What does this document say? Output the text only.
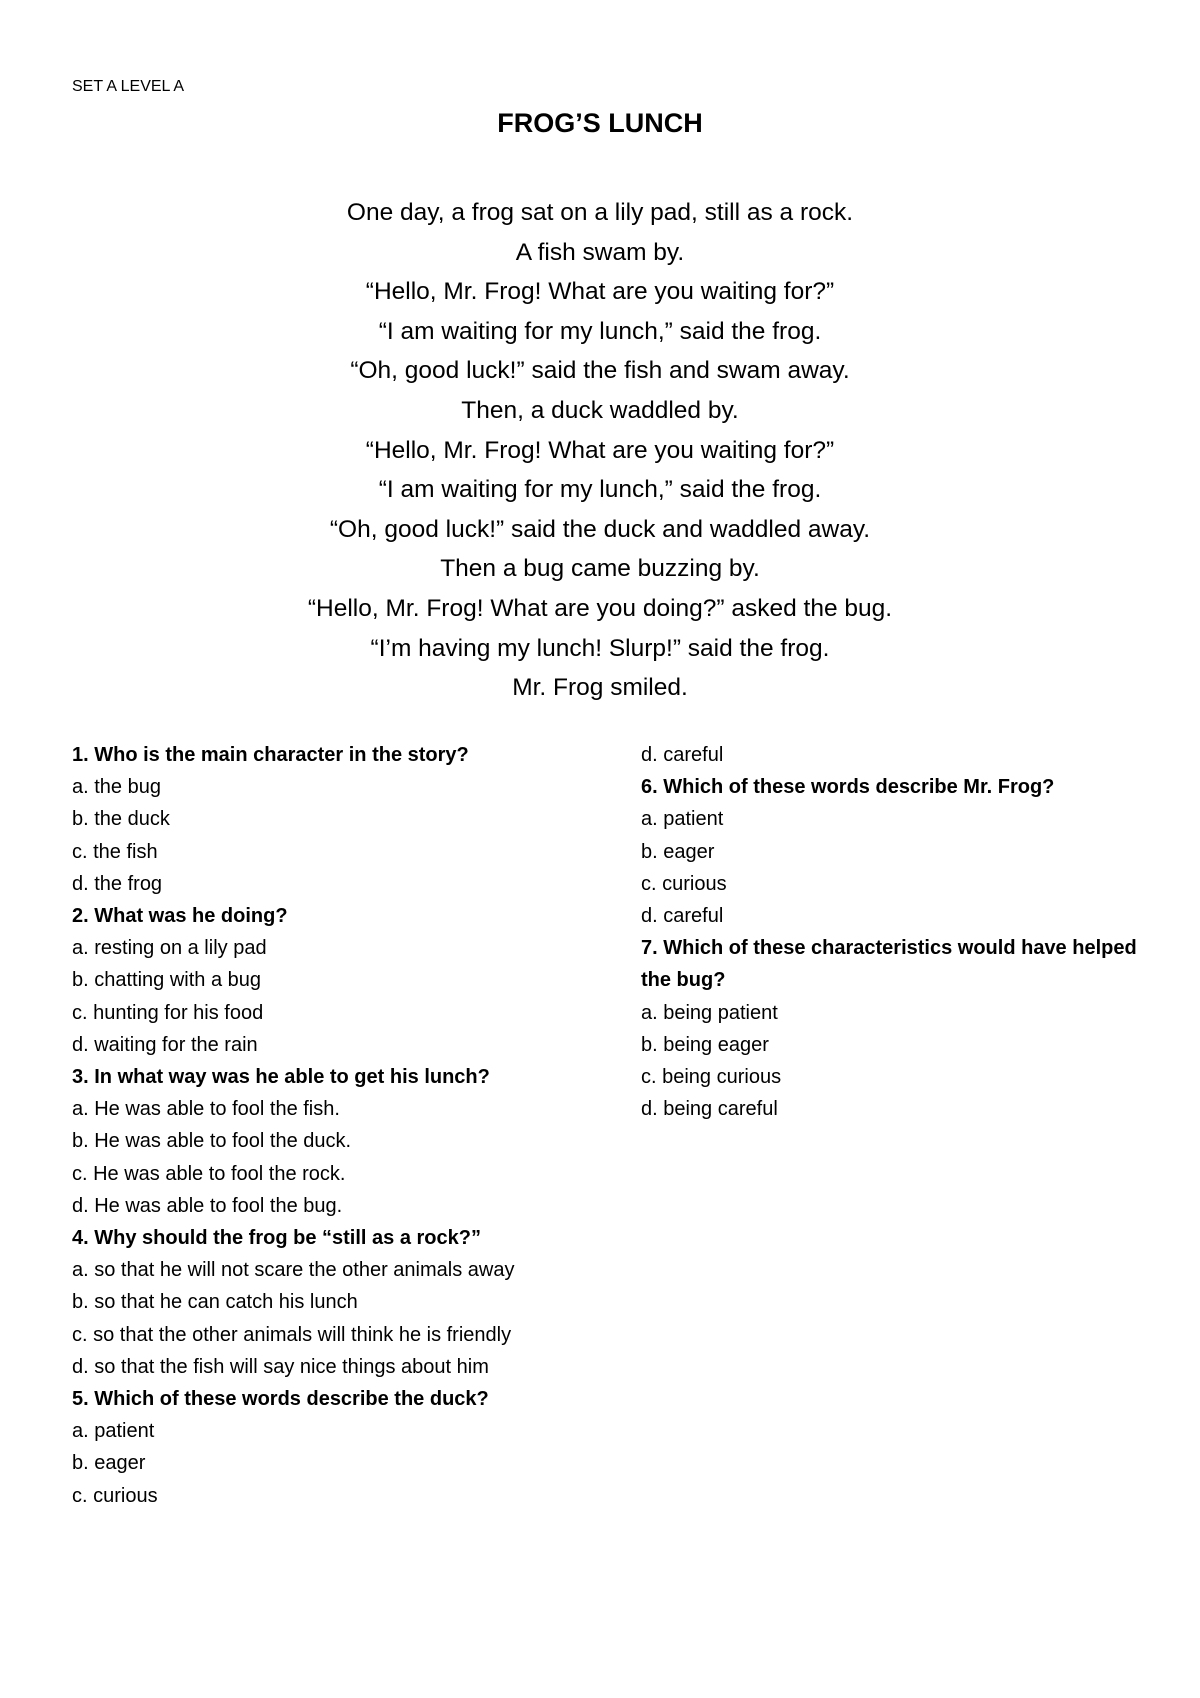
SET A LEVEL A
FROG’S LUNCH
One day, a frog sat on a lily pad, still as a rock.
A fish swam by.
“Hello, Mr. Frog! What are you waiting for?”
“I am waiting for my lunch,” said the frog.
“Oh, good luck!” said the fish and swam away.
Then, a duck waddled by.
“Hello, Mr. Frog! What are you waiting for?”
“I am waiting for my lunch,” said the frog.
“Oh, good luck!” said the duck and waddled away.
Then a bug came buzzing by.
“Hello, Mr. Frog! What are you doing?” asked the bug.
“I’m having my lunch! Slurp!” said the frog.
Mr. Frog smiled.
1. Who is the main character in the story?
a. the bug
b. the duck
c. the fish
d. the frog
2. What was he doing?
a. resting on a lily pad
b. chatting with a bug
c. hunting for his food
d. waiting for the rain
3. In what way was he able to get his lunch?
a. He was able to fool the fish.
b. He was able to fool the duck.
c. He was able to fool the rock.
d. He was able to fool the bug.
4. Why should the frog be “still as a rock?”
a. so that he will not scare the other animals away
b. so that he can catch his lunch
c. so that the other animals will think he is friendly
d. so that the fish will say nice things about him
5. Which of these words describe the duck?
a. patient
b. eager
c. curious
d. careful
6. Which of these words describe Mr. Frog?
a. patient
b. eager
c. curious
d. careful
7. Which of these characteristics would have helped the bug?
a. being patient
b. being eager
c. being curious
d. being careful
